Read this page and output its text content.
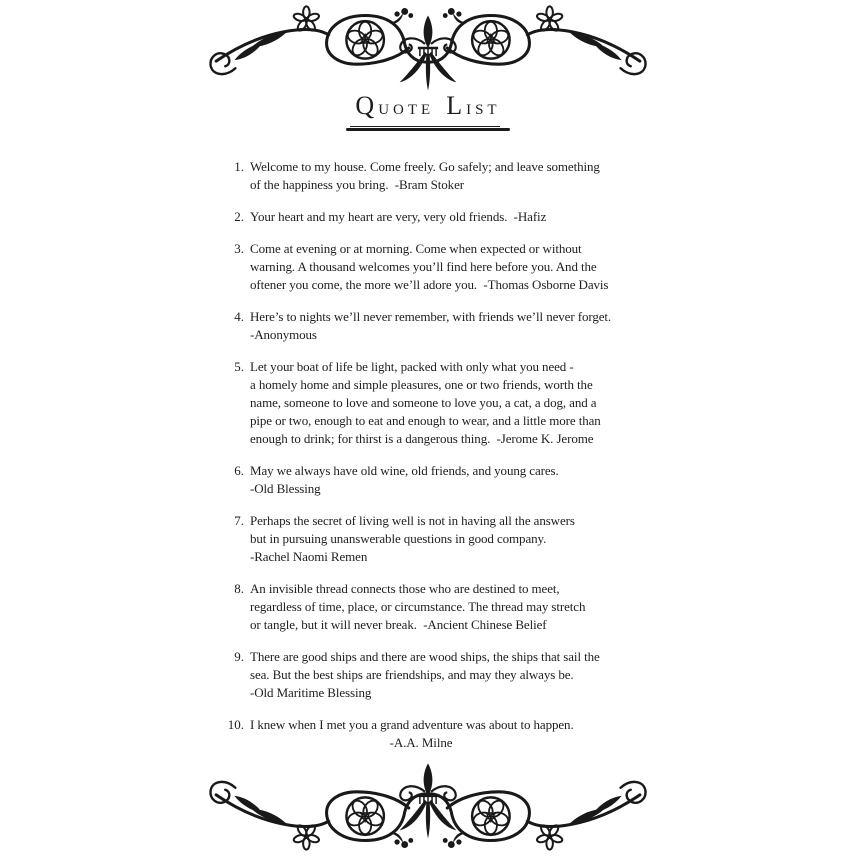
QUOTE LIST
1. Welcome to my house. Come freely. Go safely; and leave something
of the happiness you bring.  -Bram Stoker
2. Your heart and my heart are very, very old friends.  -Hafiz
3. Come at evening or at morning. Come when expected or without
warning. A thousand welcomes you’ll find here before you. And the
oftener you come, the more we’ll adore you.  -Thomas Osborne Davis
4. Here’s to nights we’ll never remember, with friends we’ll never forget.
-Anonymous
5. Let your boat of life be light, packed with only what you need -
a homely home and simple pleasures, one or two friends, worth the
name, someone to love and someone to love you, a cat, a dog, and a
pipe or two, enough to eat and enough to wear, and a little more than
enough to drink; for thirst is a dangerous thing.  -Jerome K. Jerome
6. May we always have old wine, old friends, and young cares.
-Old Blessing
7. Perhaps the secret of living well is not in having all the answers
but in pursuing unanswerable questions in good company.
-Rachel Naomi Remen
8. An invisible thread connects those who are destined to meet,
regardless of time, place, or circumstance. The thread may stretch
or tangle, but it will never break.  -Ancient Chinese Belief
9. There are good ships and there are wood ships, the ships that sail the
sea. But the best ships are friendships, and may they always be.
-Old Maritime Blessing
10. I knew when I met you a grand adventure was about to happen.
-A.A. Milne
